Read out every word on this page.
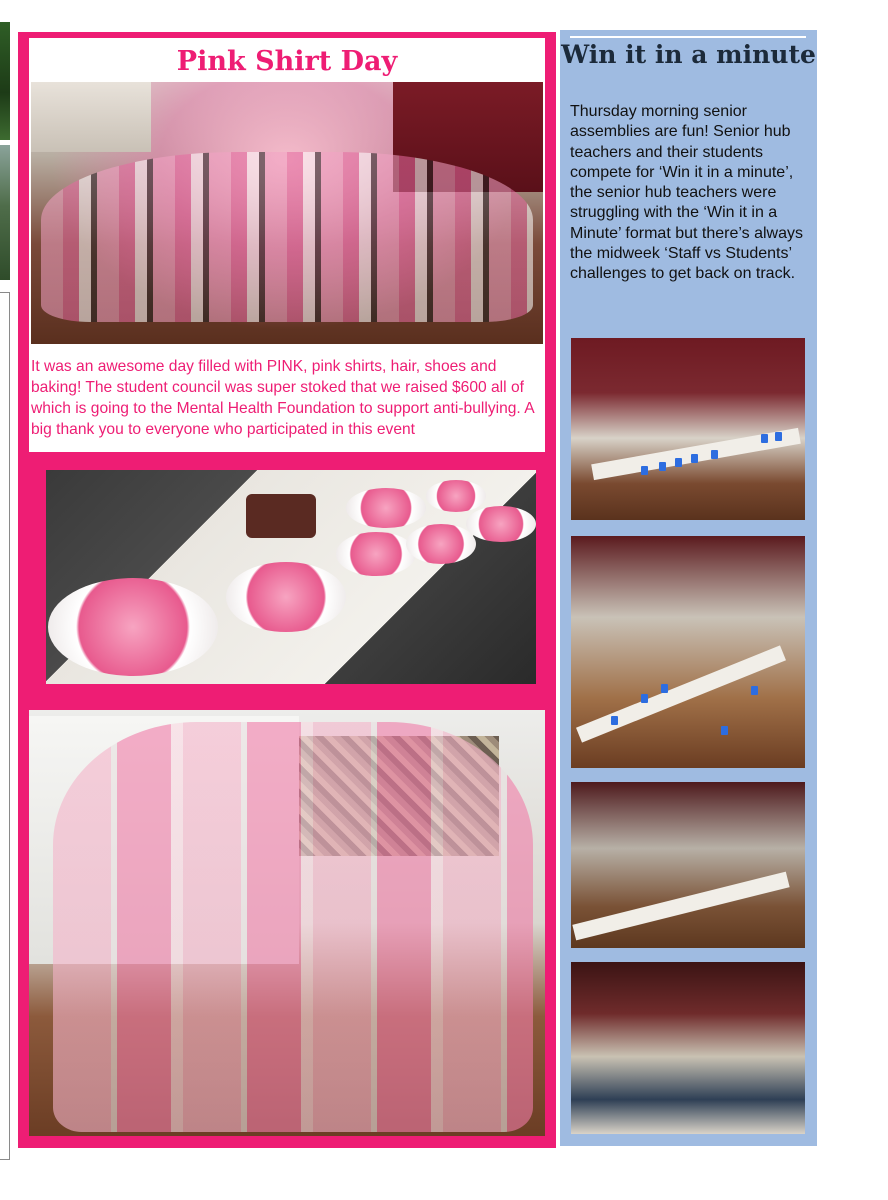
Pink Shirt Day

It was an awesome day filled with PINK, pink shirts, hair, shoes and baking! The student council was super stoked that we raised $600 all of which is going to the Mental Health Foundation to support anti-bullying. A big thank you to everyone who participated in this event

Win it in a minute

Thursday morning senior assemblies are fun! Senior hub teachers and their students compete for ‘Win it in a minute’, the senior hub teachers were struggling with the ‘Win it in a Minute’ format but there’s always the midweek ‘Staff vs Students’ challenges to get back on track.
